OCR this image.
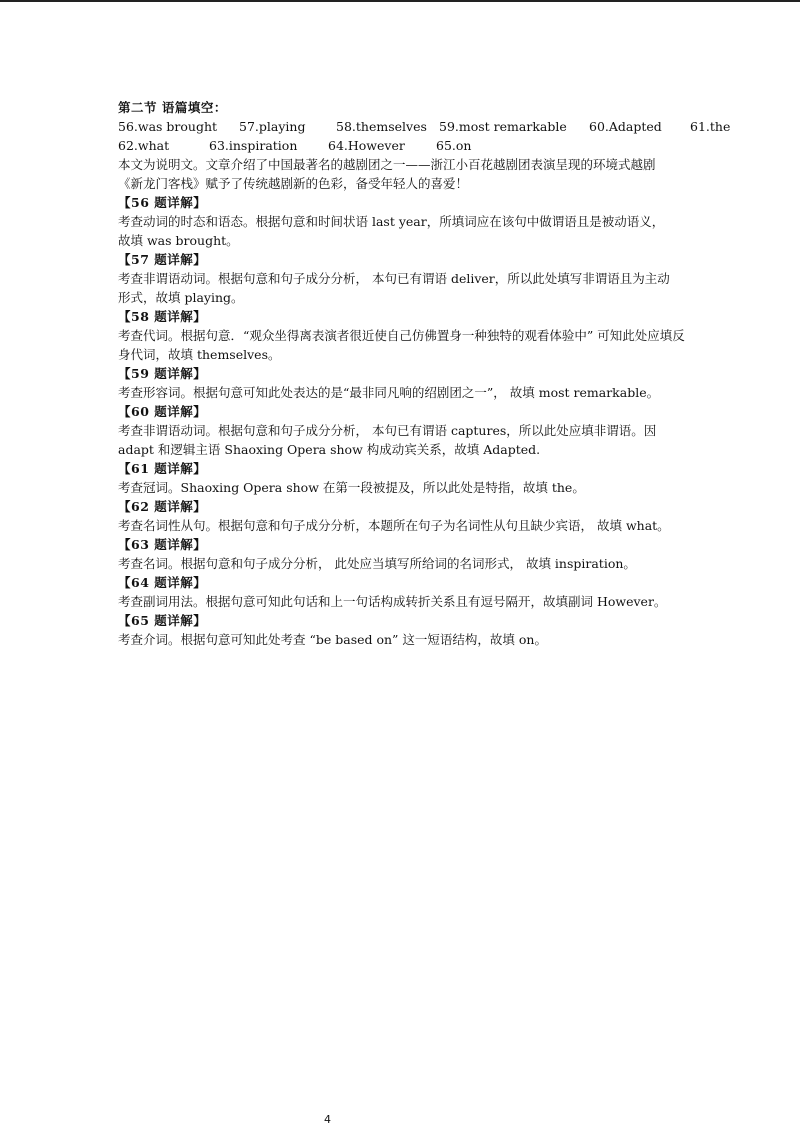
第二节 语篇填空：
56.was brought 57.playing 58.themselves 59.most remarkable 60.Adapted 61.the
62.what	63.inspiration 64.However 65.on
本文为说明文。文章介绍了中国最著名的越剧团之一——浙江小百花越剧团表演呈现的环境式越剧
《新龙门客栈》赋予了传统越剧新的色彩，备受年轻人的喜爱！
【56 题详解】
考查动词的时态和语态。根据句意和时间状语 last year，所填词应在该句中做谓语且是被动语义，
故填 was brought。
【57 题详解】
考查非谓语动词。根据句意和句子成分分析， 本句已有谓语 deliver，所以此处填写非谓语且为主动
形式，故填 playing。
【58 题详解】
考查代词。根据句意．“观众坐得离表演者很近使自己仿佛置身一种独特的观看体验中” 可知此处应填反
身代词，故填 themselves。
【59 题详解】
考查形容词。根据句意可知此处表达的是“最非同凡响的绍剧团之一”， 故填 most remarkable。
【60 题详解】
考查非谓语动词。根据句意和句子成分分析， 本句已有谓语 captures，所以此处应填非谓语。因
adapt 和逻辑主语 Shaoxing Opera show 构成动宾关系，故填 Adapted.
【61 题详解】
考查冠词。Shaoxing Opera show 在第一段被提及，所以此处是特指，故填 the。
【62 题详解】
考查名词性从句。根据句意和句子成分分析，本题所在句子为名词性从句且缺少宾语， 故填 what。
【63 题详解】
考查名词。根据句意和句子成分分析， 此处应当填写所给词的名词形式， 故填 inspiration。
【64 题详解】
考查副词用法。根据句意可知此句话和上一句话构成转折关系且有逗号隔开，故填副词 However。
【65 题详解】
考查介词。根据句意可知此处考查 “be based on” 这一短语结构，故填 on。
4
